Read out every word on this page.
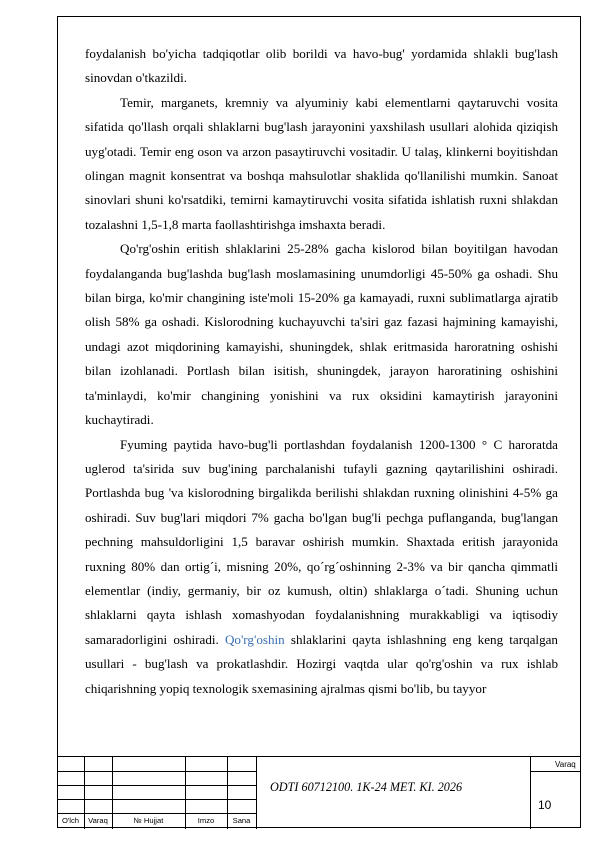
foydalanish bo'yicha tadqiqotlar olib borildi va havo-bug' yordamida shlakli bug'lash sinovdan o'tkazildi.

Temir, marganets, kremniy va alyuminiy kabi elementlarni qaytaruvchi vosita sifatida qo'llash orqali shlaklarni bug'lash jarayonini yaxshilash usullari alohida qiziqish uyg'otadi. Temir eng oson va arzon pasaytiruvchi vositadir. U talaş, klinkerni boyitishdan olingan magnit konsentrat va boshqa mahsulotlar shaklida qo'llanilishi mumkin. Sanoat sinovlari shuni ko'rsatdiki, temirni kamaytiruvchi vosita sifatida ishlatish ruxni shlakdan tozalashni 1,5-1,8 marta faollashtirishga imshaxta beradi.

Qo'rg'oshin eritish shlaklarini 25-28% gacha kislorod bilan boyitilgan havodan foydalanganda bug'lashda bug'lash moslamasining unumdorligi 45-50% ga oshadi. Shu bilan birga, ko'mir changining iste'moli 15-20% ga kamayadi, ruxni sublimatlarga ajratib olish 58% ga oshadi. Kislorodning kuchayuvchi ta'siri gaz fazasi hajmining kamayishi, undagi azot miqdorining kamayishi, shuningdek, shlak eritmasida haroratning oshishi bilan izohlanadi. Portlash bilan isitish, shuningdek, jarayon haroratining oshishini ta'minlaydi, ko'mir changining yonishini va rux oksidini kamaytirish jarayonini kuchaytiradi.

Fyuming paytida havo-bug'li portlashdan foydalanish 1200-1300 ° C haroratda uglerod ta'sirida suv bug'ining parchalanishi tufayli gazning qaytarilishini oshiradi. Portlashda bug 'va kislorodning birgalikda berilishi shlakdan ruxning olinishini 4-5% ga oshiradi. Suv bug'lari miqdori 7% gacha bo'lgan bug'li pechga puflanganda, bug'langan pechning mahsuldorligini 1,5 baravar oshirish mumkin. Shaxtada eritish jarayonida ruxning 80% dan ortig´i, misning 20%, qo´rg´oshinning 2-3% va bir qancha qimmatli elementlar (indiy, germaniy, bir oz kumush, oltin) shlaklarga o´tadi. Shuning uchun shlaklarni qayta ishlash xomashyodan foydalanishning murakkabligi va iqtisodiy samaradorligini oshiradi. Qo'rg'oshin shlaklarini qayta ishlashning eng keng tarqalgan usullari - bug'lash va prokatlashdir. Hozirgi vaqtda ular qo'rg'oshin va rux ishlab chiqarishning yopiq texnologik sxemasining ajralmas qismi bo'lib, bu tayyor

O'lch	Varaq	№ Hujjat	Imzo	Sana
ODTI 60712100. 1K-24 MET. KI. 2026
Varaq
10
